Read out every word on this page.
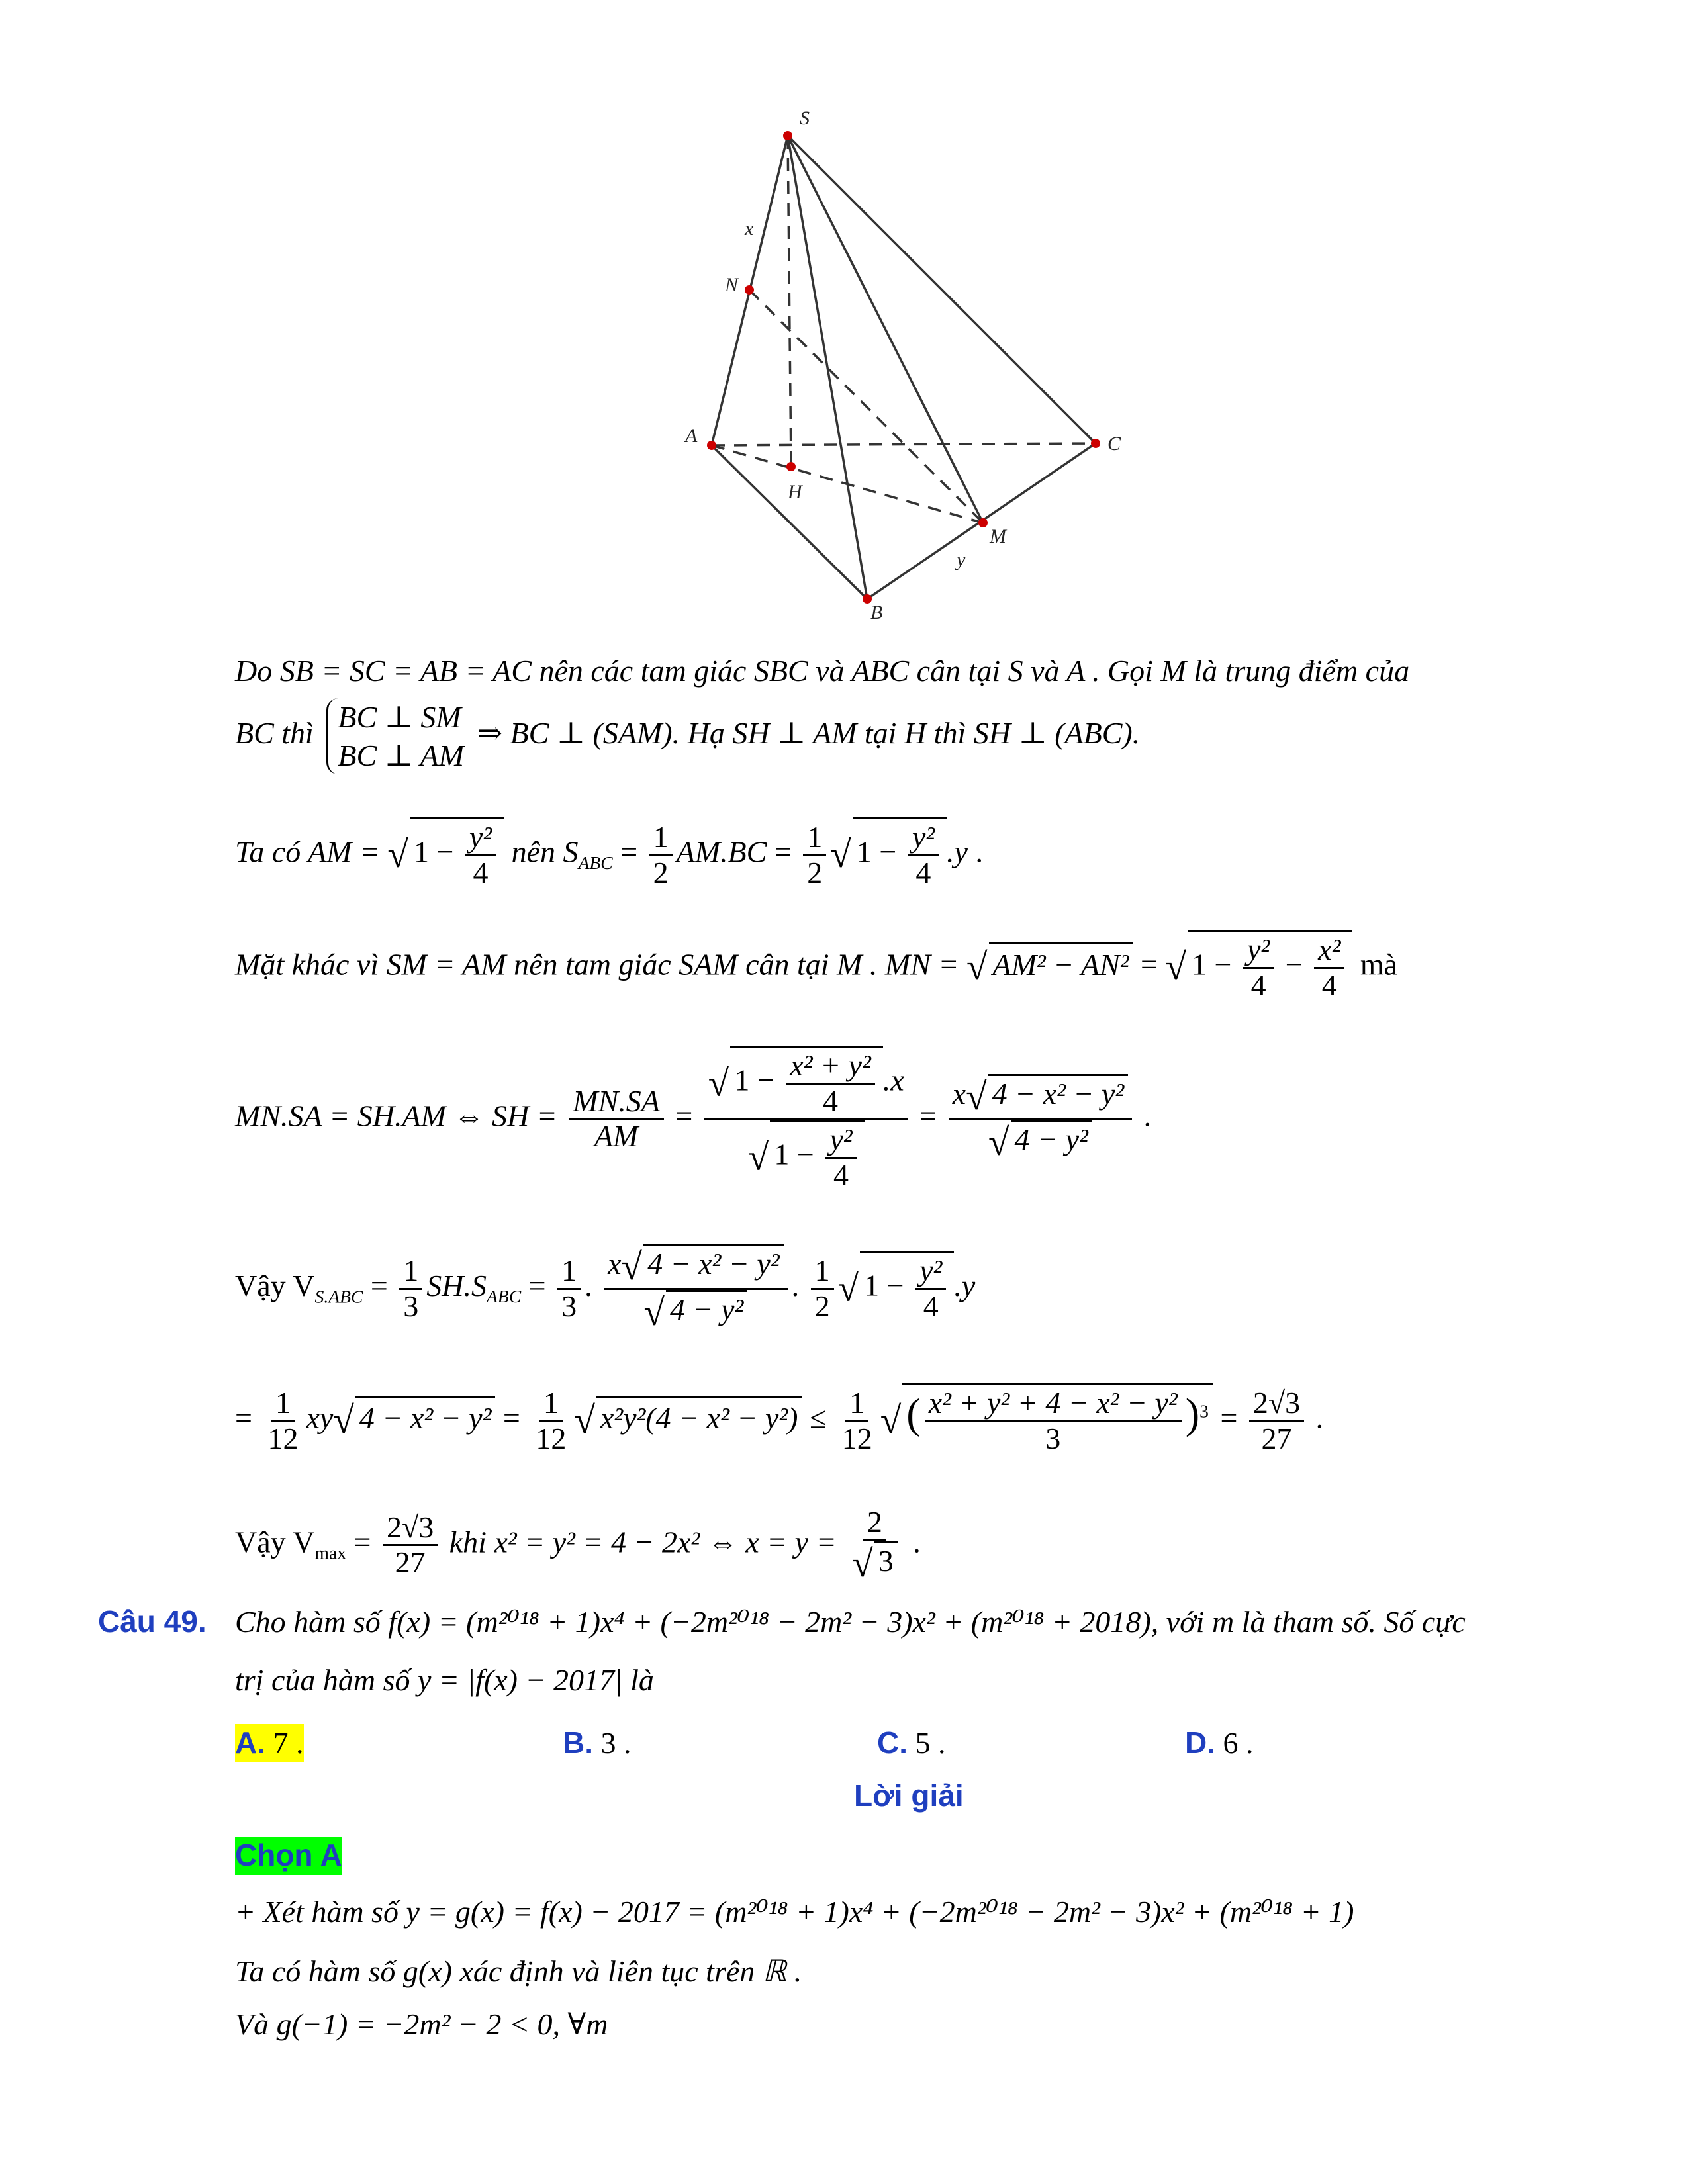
S
N
A	C
H
M
B
x
y
Do SB = SC = AB = AC nên các tam giác SBC và ABC cân tại S và A . Gọi M là trung điểm của
BC thì BC ⊥ SM
BC ⊥ AM
⇒ BC ⊥ (SAM). Hạ SH ⊥ AM tại H thì SH ⊥ (ABC).
Ta có AM = √ $1 - \frac{\text{y²}}{4}$ nên $S_{ABC} = \frac{1}{2} AM.BC = \frac{1}{2}$ √ $1 - \frac{\text{y²}}{4} .y$ .
Mặt khác vì SM = AM nên tam giác SAM cân tại M . MN = √ AM² − AN² = √ $1 - \frac{\text{y²}}{4} - \frac{\text{x²}}{4}$ mà
MN.SA = SH.AM ⇔ SH = $\frac{MN.SA}{AM} = \frac{√ 1 - \frac{\text{x² + y²}}{4} .x}{√ 1 - \frac{\text{y²}}{4}} = \frac{\text{x√ 4 − x² − y²}}{\text{√ 4 − y²}}$ .
Vậy $V_{S.ABC} = \frac{1}{3} SH.S_{ABC} = \frac{1}{3}$ . $\frac{\text{x√ 4 − x² − y²}}{\text{√ 4 − y²}}$ . $\frac{1}{2}$ √ $1 - \frac{\text{y²}}{4} .y$
= $\frac{1}{12} xy√$ $4 - x^2 - y^2 = \frac{1}{12}$ √ $x^2y^2(4 - x^2 - y^2) \le \frac{1}{12}$ √ ( $\frac{\text{x² + y² + 4 − x² − y²}}{3} )^3 = \frac{2√3}{27}$ .
Vậy $V_{max} = \frac{2√3}{27}$ khi x² = y² = 4 − 2x² ⇔ $x = y = \frac{2}{√ 3}$ .
Câu 49. Cho hàm số f(x) = (m²⁰¹⁸ + 1)x⁴ + (−2m²⁰¹⁸ − 2m² − 3)x² + (m²⁰¹⁸ + 2018), với m là tham số. Số cực
trị của hàm số y = |f(x) − 2017| là
A. 7 .	B. 3 .	C. 5 .	D. 6 .
Lời giải
Chọn A
+ Xét hàm số y = g(x) = f(x) − 2017 = (m²⁰¹⁸ + 1)x⁴ + (−2m²⁰¹⁸ − 2m² − 3)x² + (m²⁰¹⁸ + 1)
Ta có hàm số g(x) xác định và liên tục trên ℝ .
Và g(−1) = −2m² − 2 < 0, ∀m
